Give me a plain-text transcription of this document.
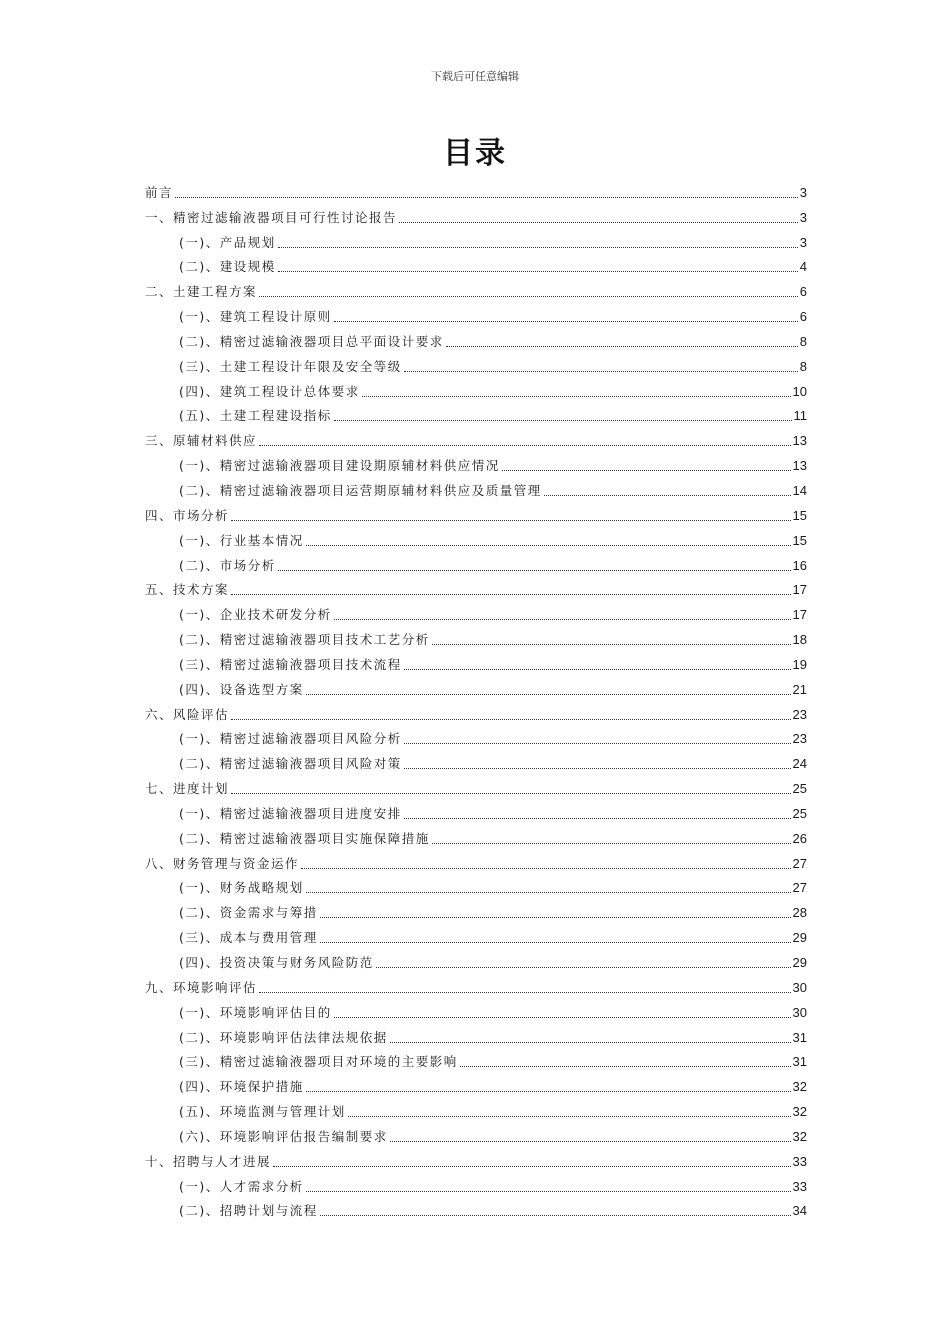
下载后可任意编辑
目录
前言	3
一、精密过滤输液器项目可行性讨论报告	3
(一)、产品规划	3
(二)、建设规模	4
二、土建工程方案	6
(一)、建筑工程设计原则	6
(二)、精密过滤输液器项目总平面设计要求	8
(三)、土建工程设计年限及安全等级	8
(四)、建筑工程设计总体要求	10
(五)、土建工程建设指标	11
三、原辅材料供应	13
(一)、精密过滤输液器项目建设期原辅材料供应情况	13
(二)、精密过滤输液器项目运营期原辅材料供应及质量管理	14
四、市场分析	15
(一)、行业基本情况	15
(二)、市场分析	16
五、技术方案	17
(一)、企业技术研发分析	17
(二)、精密过滤输液器项目技术工艺分析	18
(三)、精密过滤输液器项目技术流程	19
(四)、设备选型方案	21
六、风险评估	23
(一)、精密过滤输液器项目风险分析	23
(二)、精密过滤输液器项目风险对策	24
七、进度计划	25
(一)、精密过滤输液器项目进度安排	25
(二)、精密过滤输液器项目实施保障措施	26
八、财务管理与资金运作	27
(一)、财务战略规划	27
(二)、资金需求与筹措	28
(三)、成本与费用管理	29
(四)、投资决策与财务风险防范	29
九、环境影响评估	30
(一)、环境影响评估目的	30
(二)、环境影响评估法律法规依据	31
(三)、精密过滤输液器项目对环境的主要影响	31
(四)、环境保护措施	32
(五)、环境监测与管理计划	32
(六)、环境影响评估报告编制要求	32
十、招聘与人才进展	33
(一)、人才需求分析	33
(二)、招聘计划与流程	34
